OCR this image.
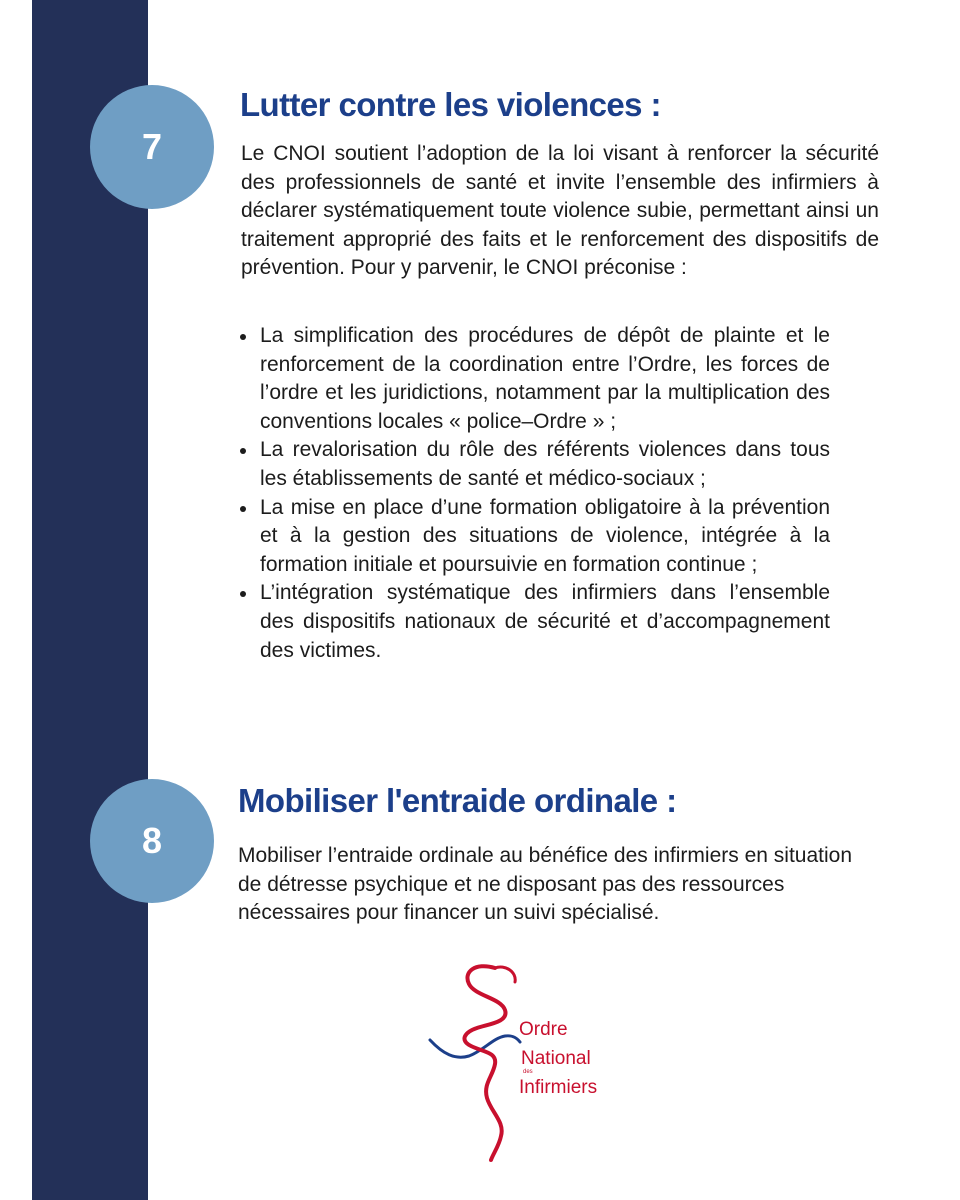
7
Lutter contre les violences :

Le CNOI soutient l’adoption de la loi visant à renforcer la sécurité des professionnels de santé et invite l’ensemble des infirmiers à déclarer systématiquement toute violence subie, permettant ainsi un traitement approprié des faits et le renforcement des dispositifs de prévention. Pour y parvenir, le CNOI préconise :

La simplification des procédures de dépôt de plainte et le renforcement de la coordination entre l’Ordre, les forces de l’ordre et les juridictions, notamment par la multiplication des conventions locales « police–Ordre » ;
La revalorisation du rôle des référents violences dans tous les établissements de santé et médico-sociaux ;
La mise en place d’une formation obligatoire à la prévention et à la gestion des situations de violence, intégrée à la formation initiale et poursuivie en formation continue ;
L’intégration systématique des infirmiers dans l’ensemble des dispositifs nationaux de sécurité et d’accompagnement des victimes.
8
Mobiliser l'entraide ordinale :

Mobiliser l’entraide ordinale au bénéfice des infirmiers en situation de détresse psychique et ne disposant pas des ressources nécessaires pour financer un suivi spécialisé.

Ordre
National
des
Infirmiers
